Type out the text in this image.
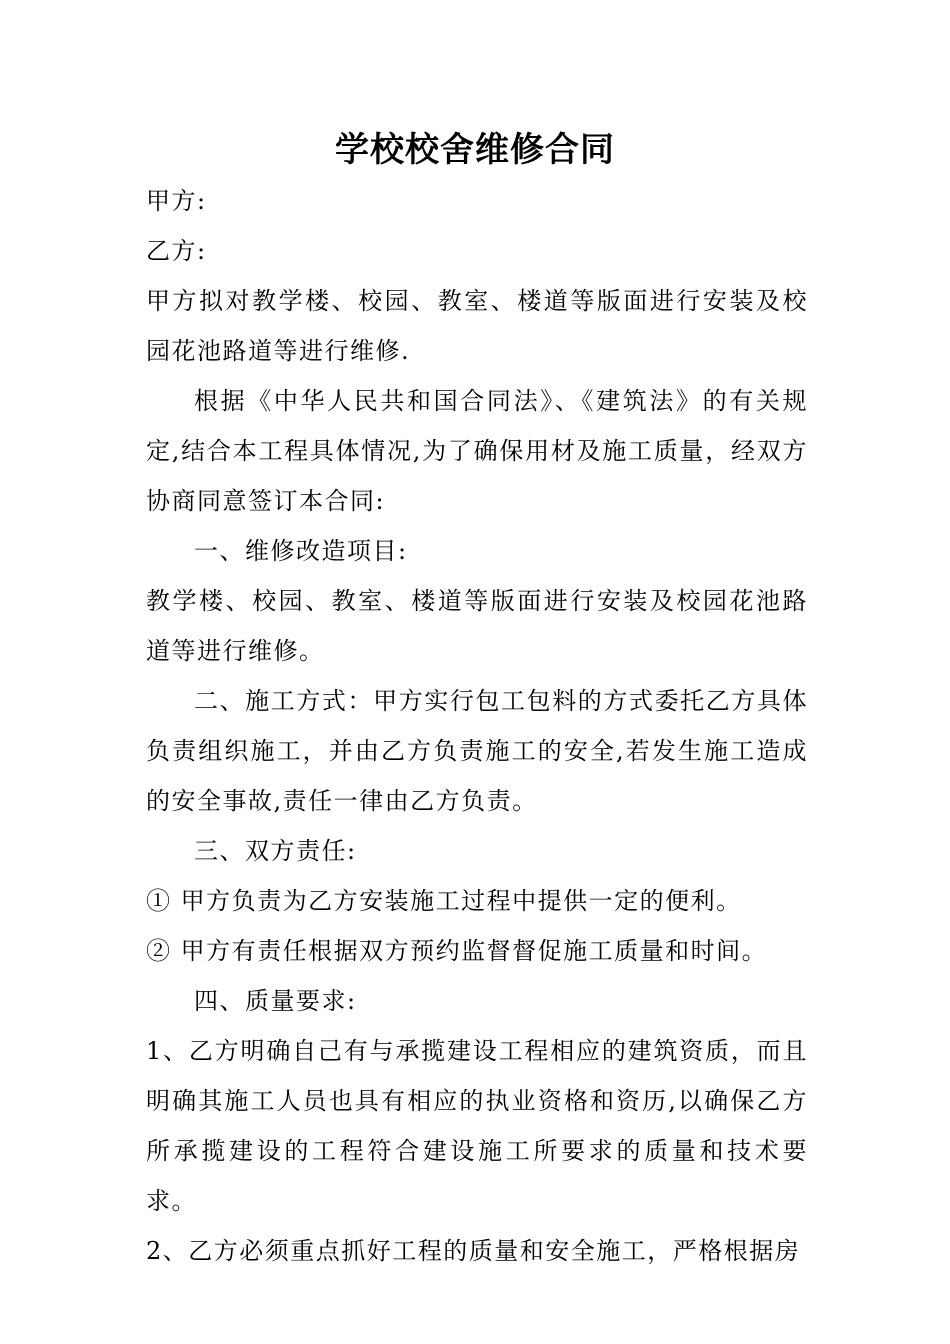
学校校舍维修合同

甲方:

乙方:

甲方拟对教学楼、校园、教室、楼道等版面进行安装及校园花池路道等进行维修.

根据《中华人民共和国合同法》、《建筑法》的有关规定,结合本工程具体情况,为了确保用材及施工质量，经双方协商同意签订本合同:

一、维修改造项目:

教学楼、校园、教室、楼道等版面进行安装及校园花池路道等进行维修。

二、施工方式：甲方实行包工包料的方式委托乙方具体负责组织施工，并由乙方负责施工的安全,若发生施工造成的安全事故,责任一律由乙方负责。

三、双方责任:

① 甲方负责为乙方安装施工过程中提供一定的便利。

② 甲方有责任根据双方预约监督督促施工质量和时间。

四、质量要求:

1、乙方明确自己有与承揽建设工程相应的建筑资质，而且明确其施工人员也具有相应的执业资格和资历,以确保乙方所承揽建设的工程符合建设施工所要求的质量和技术要求。

2、乙方必须重点抓好工程的质量和安全施工，严格根据房
